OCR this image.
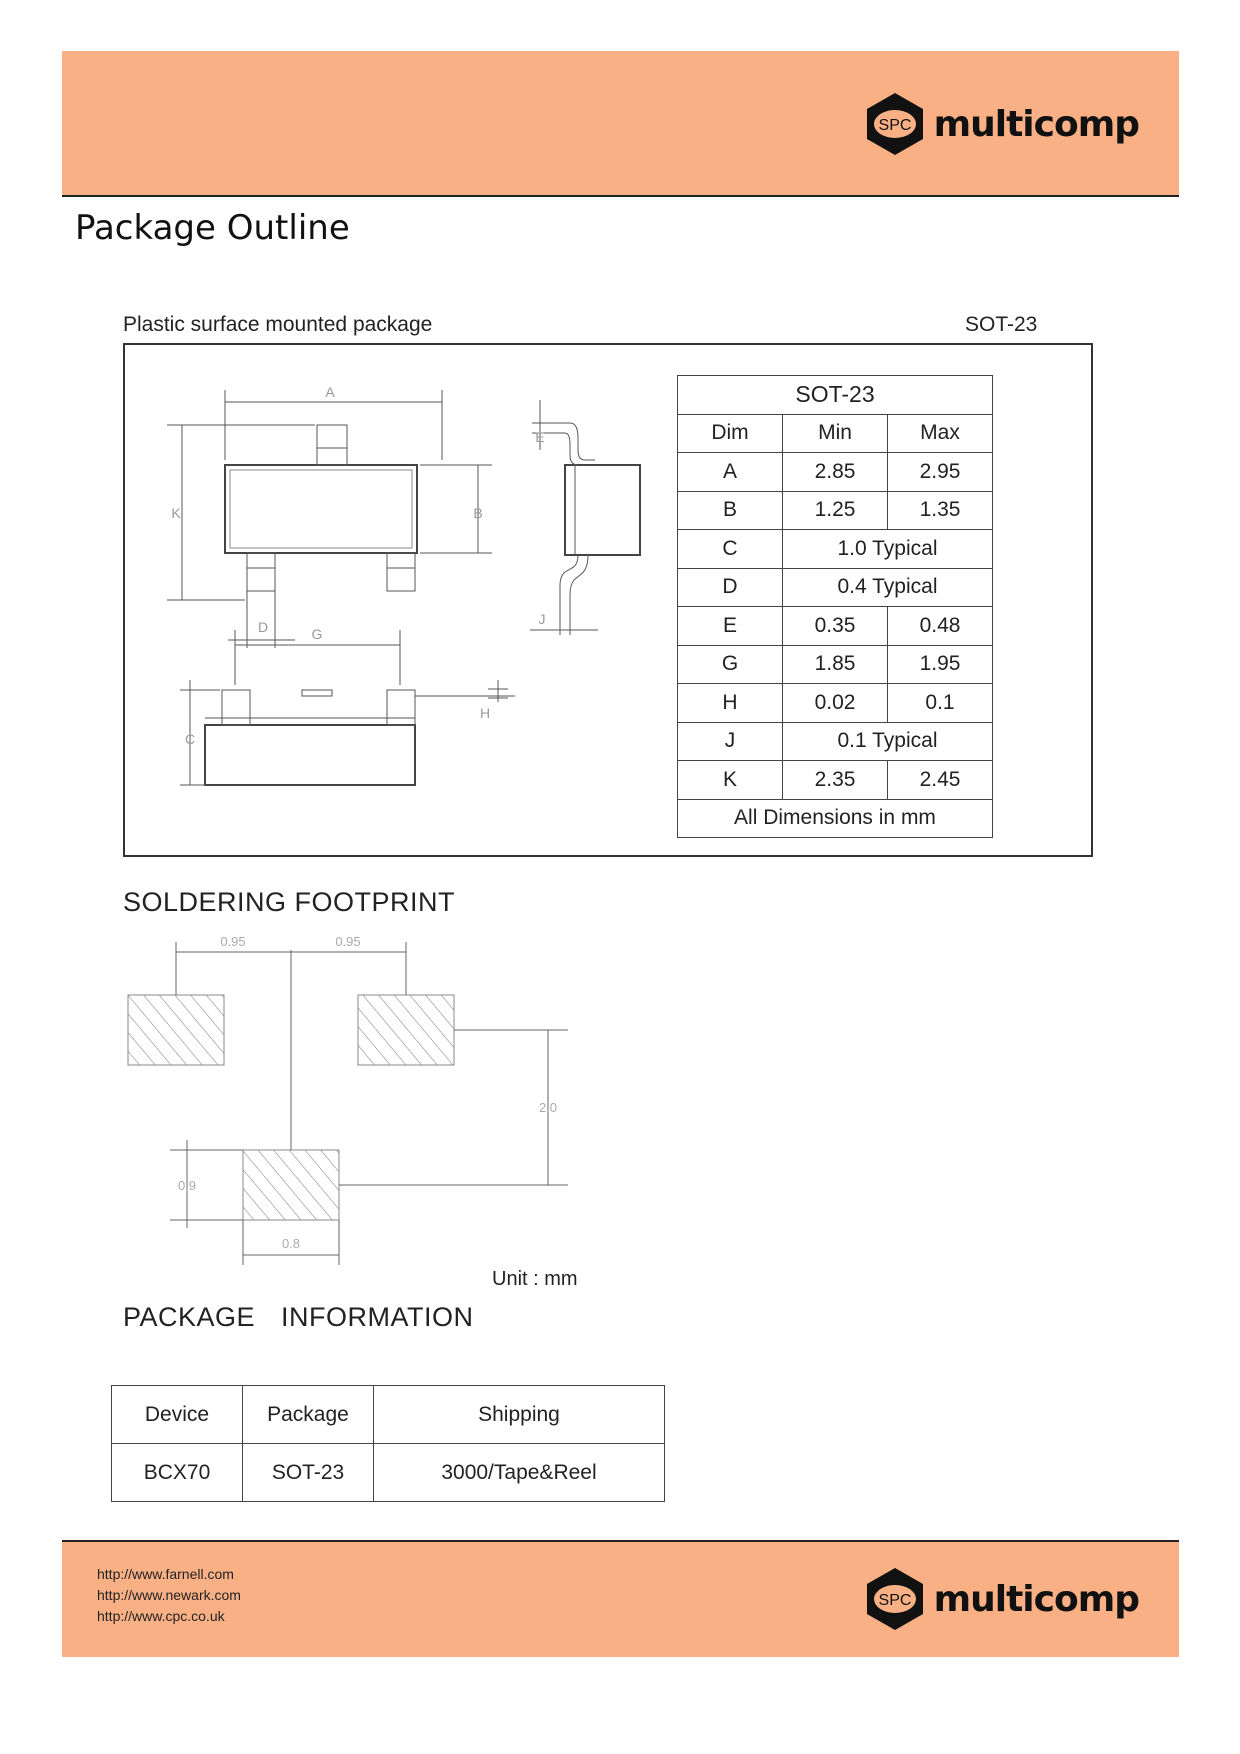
SPC multicomp
Package Outline
Plastic surface mounted package	SOT-23
A
K	B
D
E
J
G
C
H
SOT-23		
Dim	Min	Max
A	2.85	2.95
B	1.25	1.35
C	1.0 Typical	
D	0.4 Typical	
E	0.35	0.48
G	1.85	1.95
H	0.02	0.1
J	0.1 Typical	
K	2.35	2.45
All Dimensions in mm		
SOLDERING FOOTPRINT
0.95	0.95
2.0
0.9
0.8
Unit : mm
PACKAGE INFORMATION
Device	Package	Shipping
BCX70	SOT-23	3000/Tape&Reel
http://www.farnell.com
http://www.newark.com
http://www.cpc.co.uk
SPC multicomp
